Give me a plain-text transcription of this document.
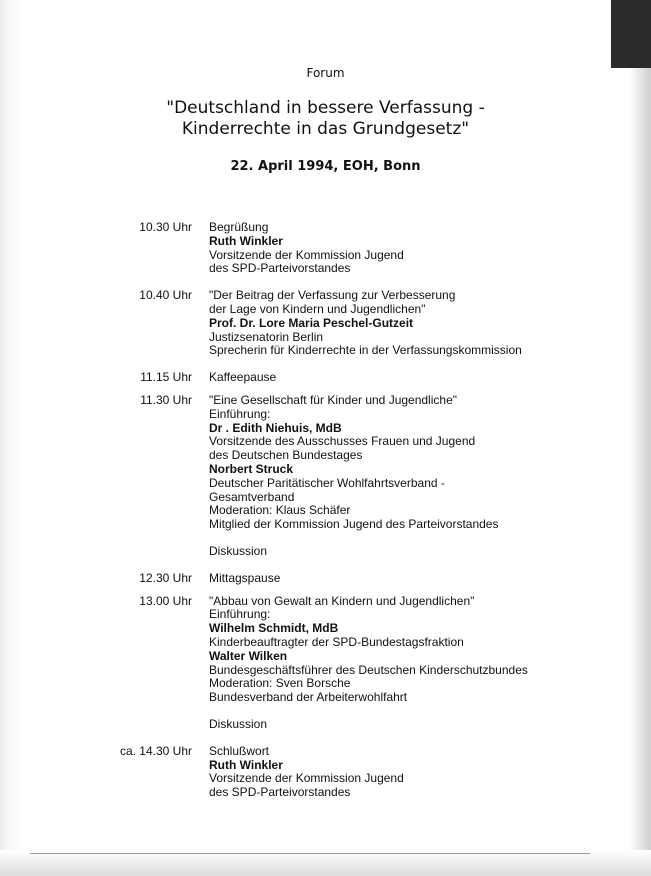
Forum
"Deutschland in bessere Verfassung -
Kinderrechte in das Grundgesetz"
22. April 1994, EOH, Bonn
10.30 Uhr Begrüßung
Ruth Winkler
Vorsitzende der Kommission Jugend
des SPD-Parteivorstandes
10.40 Uhr "Der Beitrag der Verfassung zur Verbesserung
der Lage von Kindern und Jugendlichen"
Prof. Dr. Lore Maria Peschel-Gutzeit
Justizsenatorin Berlin
Sprecherin für Kinderrechte in der Verfassungskommission
11.15 Uhr Kaffeepause
11.30 Uhr "Eine Gesellschaft für Kinder und Jugendliche"
Einführung:
Dr . Edith Niehuis, MdB
Vorsitzende des Ausschusses Frauen und Jugend
des Deutschen Bundestages
Norbert Struck
Deutscher Paritätischer Wohlfahrtsverband -
Gesamtverband
Moderation: Klaus Schäfer
Mitglied der Kommission Jugend des Parteivorstandes
Diskussion
12.30 Uhr Mittagspause
13.00 Uhr "Abbau von Gewalt an Kindern und Jugendlichen"
Einführung:
Wilhelm Schmidt, MdB
Kinderbeauftragter der SPD-Bundestagsfraktion
Walter Wilken
Bundesgeschäftsführer des Deutschen Kinderschutzbundes
Moderation: Sven Borsche
Bundesverband der Arbeiterwohlfahrt
Diskussion
ca. 14.30 Uhr Schlußwort
Ruth Winkler
Vorsitzende der Kommission Jugend
des SPD-Parteivorstandes
